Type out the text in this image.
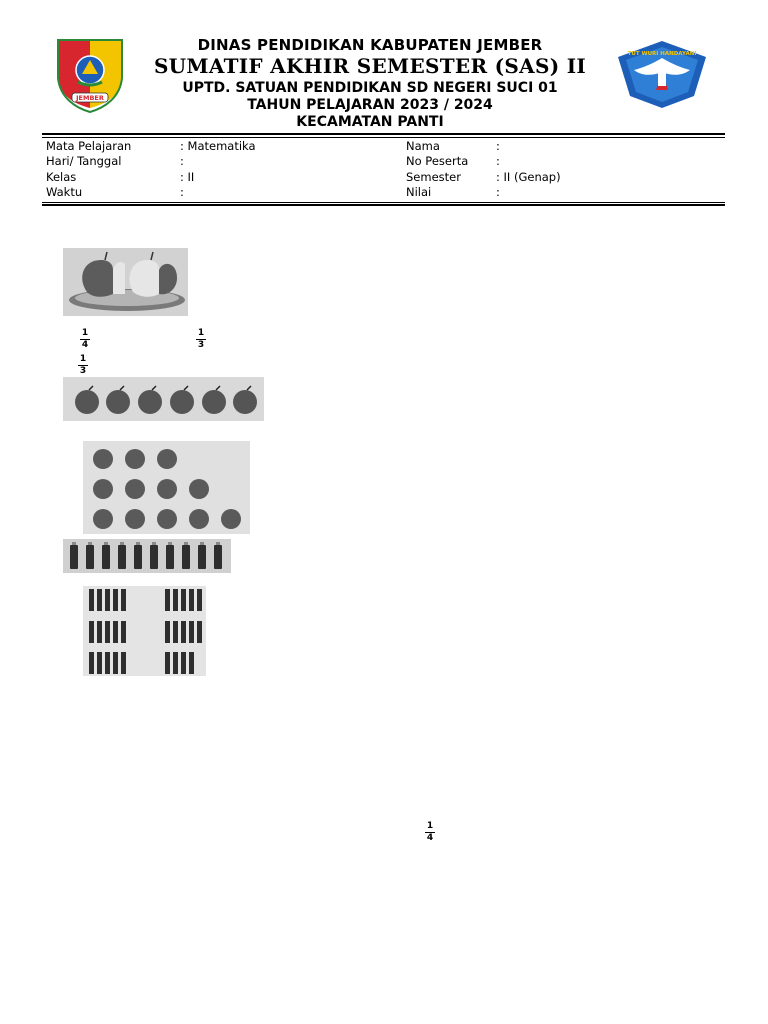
JEMBER
TUT WURI HANDAYANI
DINAS PENDIDIKAN KABUPATEN JEMBER
SUMATIF AKHIR SEMESTER (SAS) II
UPTD. SATUAN PENDIDIKAN SD NEGERI SUCI 01
TAHUN PELAJARAN 2023 / 2024
KECAMATAN PANTI
Mata Pelajaran	: Matematika
Hari/ Tanggal	:
Kelas	: II
Waktu	:
Nama	:
No Peserta :
Semester	: II (Genap)
Nilai	:
$\frac{1}{4}$	$\frac{1}{3}$
$\frac{1}{3}$
$\frac{1}{4}$
